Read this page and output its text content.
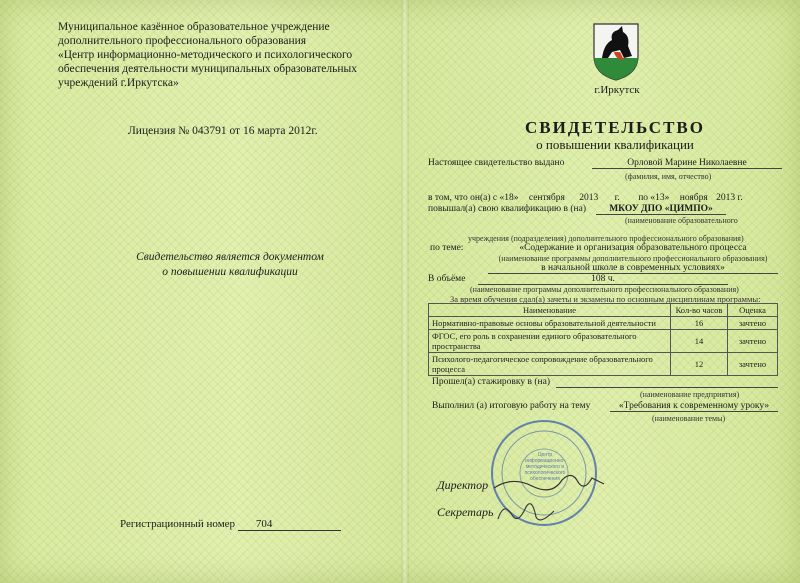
Муниципальное казённое образовательное учреждение
дополнительного профессионального образования
«Центр информационно-методического и психологического
обеспечения деятельности муниципальных образовательных
учреждений г.Иркутска»
Лицензия № 043791 от 16 марта 2012г.
Свидетельство является документом
о повышении квалификации
Регистрационный номер 704
г.Иркутск
СВИДЕТЕЛЬСТВО
о повышении квалификации
Настоящее свидетельство выдано	Орловой Марине Николаевне
(фамилия, имя, отчество)
в том, что он(а) с «18» сентября 2013 г. по «13» ноября 2013 г.
повышал(а) свою квалификацию в (на)	МКОУ ДПО «ЦИМПО»
(наименование образовательного
учреждения (подразделения) дополнительного профессионального образования)
по теме:	«Содержание и организация образовательного процесса
(наименование программы дополнительного профессионального образования)
в начальной школе в современных условиях»
В объёме	108 ч.
(наименование программы дополнительного профессионального образования)
За время обучения сдал(а) зачеты и экзамены по основным дисциплинам программы:
Наименование	Кол-во часов	Оценка
Нормативно-правовые основы образовательной деятельности	16	зачтено
ФГОС, его роль в сохранении единого образовательного пространства	14	зачтено
Психолого-педагогическое сопровождение образовательного процесса	12	зачтено
Прошел(а) стажировку в (на)
(наименование предприятия)
Выполнил (а) итоговую работу на тему	«Требования к современному уроку»
(наименование темы)
Центр информационно-методического и психологического обеспечения
Директор
Секретарь
